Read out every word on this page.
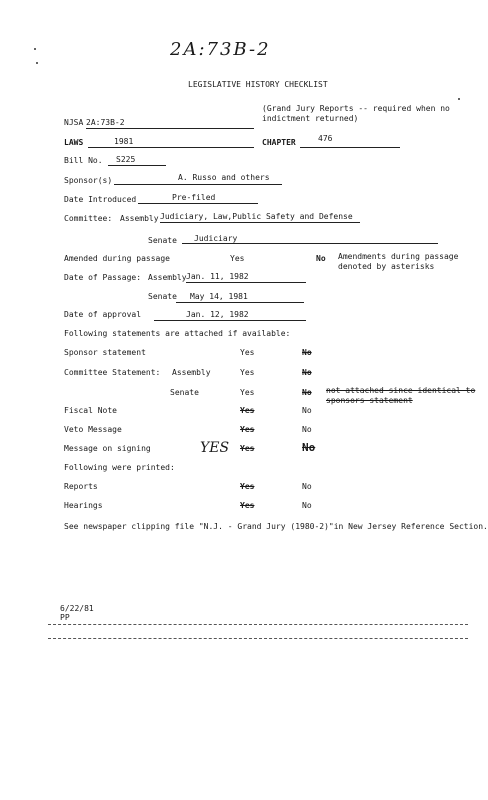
2A:73B-2
LEGISLATIVE HISTORY CHECKLIST
NJSA 2A:73B-2
(Grand Jury Reports -- required when no indictment returned)
LAWS	1981	CHAPTER	476
Bill No. S225
Sponsor(s)	A. Russo and others
Date Introduced	Pre-filed
Committee: Assembly Judiciary, Law,Public Safety and Defense
Senate Judiciary
Amended during passage	Yes	No Amendments during passage denoted by asterisks
Date of Passage: Assembly Jan. 11, 1982
Senate May 14, 1981
Date of approval	Jan. 12, 1982
Following statements are attached if available:
Sponsor statement	Yes	No
Committee Statement: Assembly	Yes	No
Senate	Yes	No not attached since identical to sponsors statement
Fiscal Note	Yes	No
Veto Message	Yes	No
Message on signing	YES Yes	No
Following were printed:
Reports	Yes	No
Hearings	Yes	No
See newspaper clipping file "N.J. - Grand Jury (1980-2)"in New Jersey Reference Section.
6/22/81
PP
